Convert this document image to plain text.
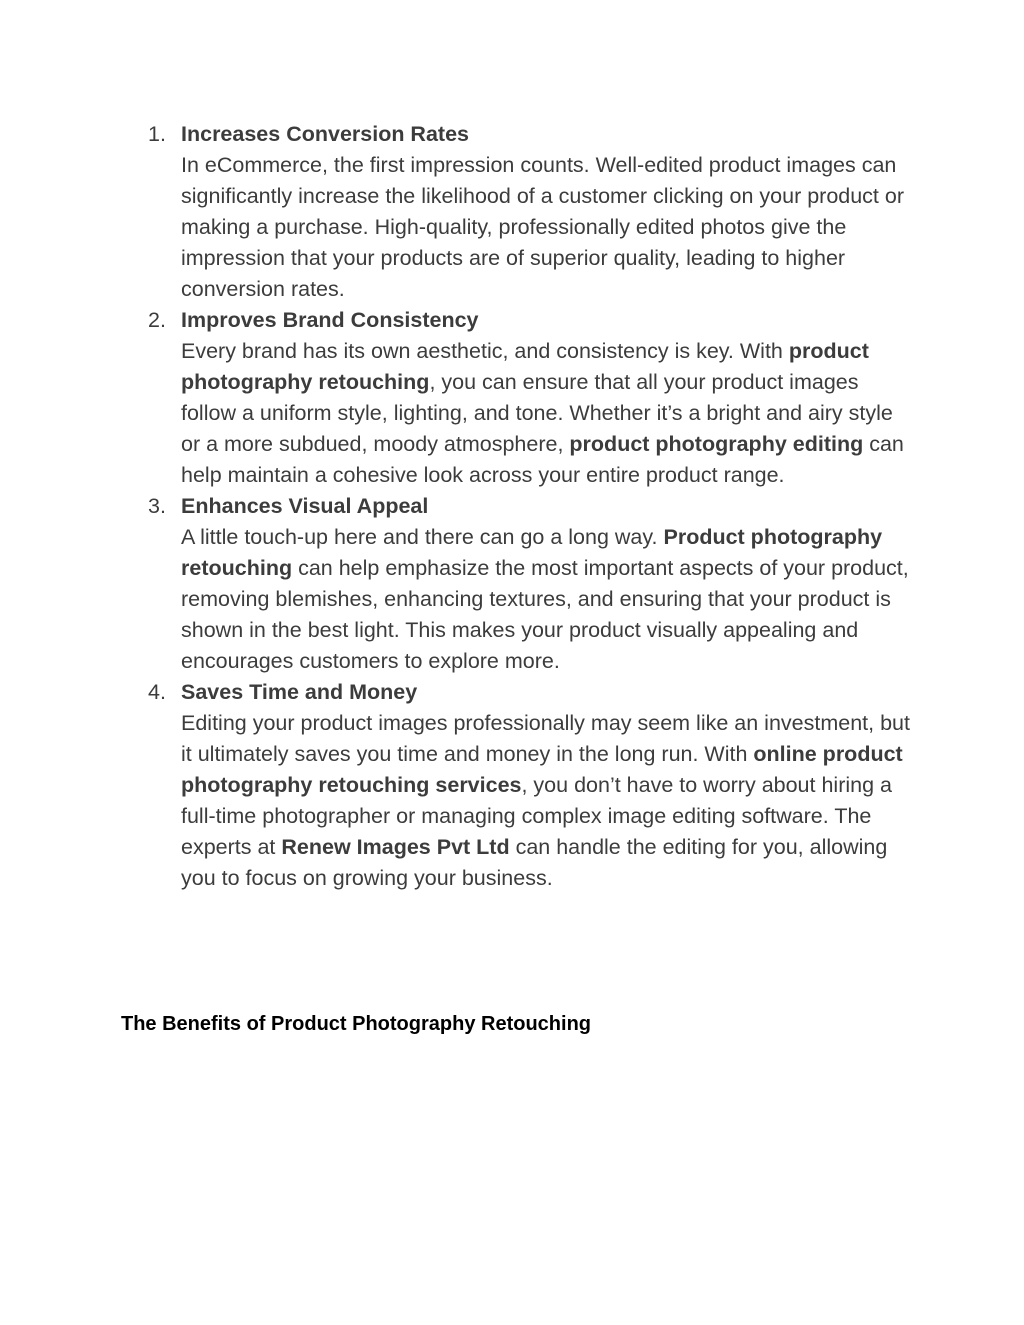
1. Increases Conversion Rates
In eCommerce, the first impression counts. Well-edited product images can significantly increase the likelihood of a customer clicking on your product or making a purchase. High-quality, professionally edited photos give the impression that your products are of superior quality, leading to higher conversion rates.
2. Improves Brand Consistency
Every brand has its own aesthetic, and consistency is key. With product photography retouching, you can ensure that all your product images follow a uniform style, lighting, and tone. Whether it’s a bright and airy style or a more subdued, moody atmosphere, product photography editing can help maintain a cohesive look across your entire product range.
3. Enhances Visual Appeal
A little touch-up here and there can go a long way. Product photography retouching can help emphasize the most important aspects of your product, removing blemishes, enhancing textures, and ensuring that your product is shown in the best light. This makes your product visually appealing and encourages customers to explore more.
4. Saves Time and Money
Editing your product images professionally may seem like an investment, but it ultimately saves you time and money in the long run. With online product photography retouching services, you don’t have to worry about hiring a full-time photographer or managing complex image editing software. The experts at Renew Images Pvt Ltd can handle the editing for you, allowing you to focus on growing your business.
The Benefits of Product Photography Retouching
